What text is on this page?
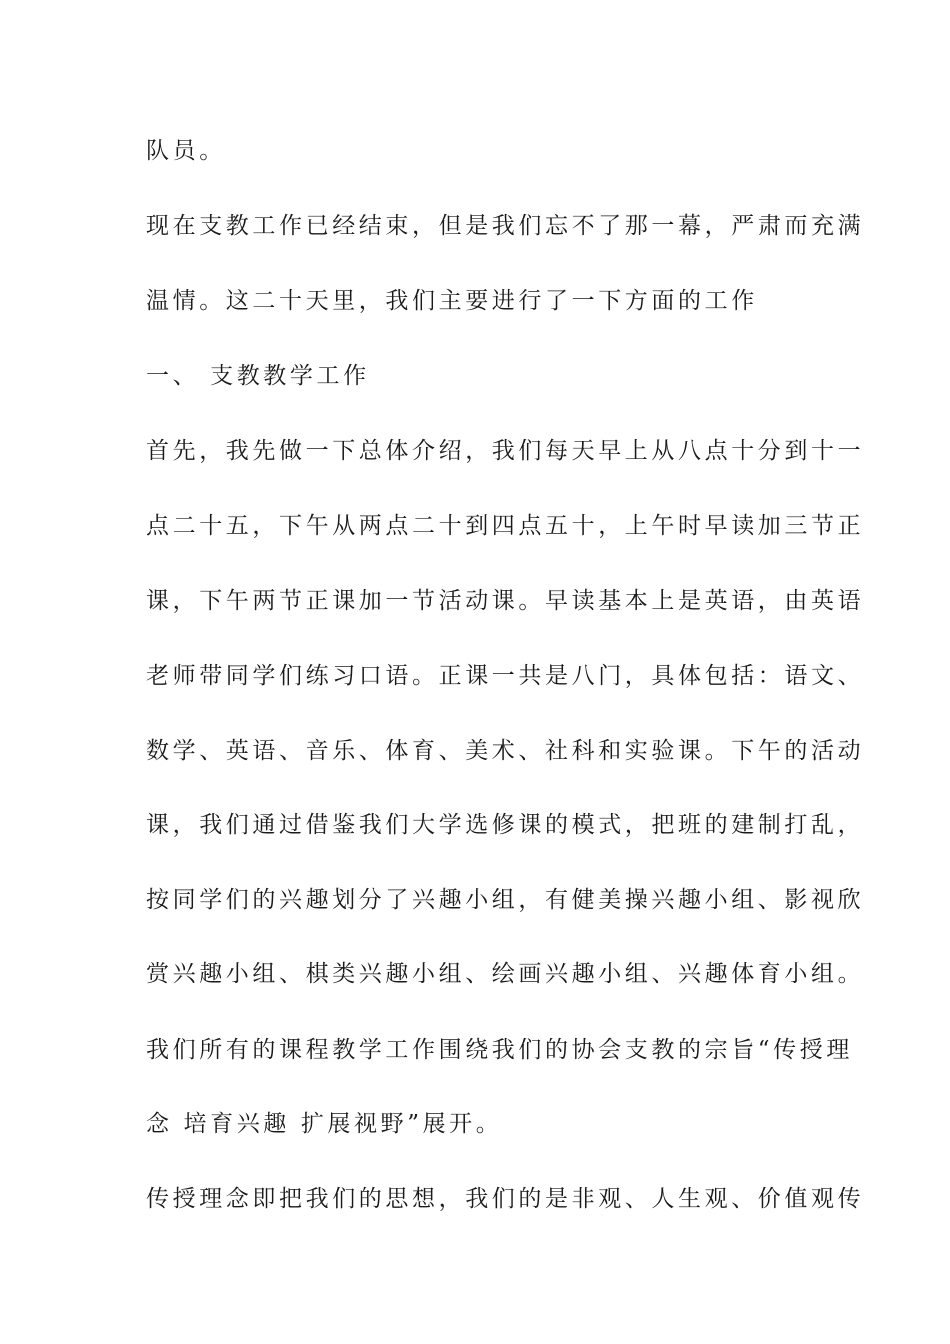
队员。
现在支教工作已经结束，但是我们忘不了那一幕，严肃而充满
温情。这二十天里，我们主要进行了一下方面的工作
一、 支教教学工作
首先，我先做一下总体介绍，我们每天早上从八点十分到十一
点二十五，下午从两点二十到四点五十，上午时早读加三节正
课，下午两节正课加一节活动课。早读基本上是英语，由英语
老师带同学们练习口语。正课一共是八门，具体包括：语文、
数学、英语、音乐、体育、美术、社科和实验课。下午的活动
课，我们通过借鉴我们大学选修课的模式，把班的建制打乱，
按同学们的兴趣划分了兴趣小组，有健美操兴趣小组、影视欣
赏兴趣小组、棋类兴趣小组、绘画兴趣小组、兴趣体育小组。
我们所有的课程教学工作围绕我们的协会支教的宗旨“传授理
念 培育兴趣 扩展视野”展开。
传授理念即把我们的思想，我们的是非观、人生观、价值观传
